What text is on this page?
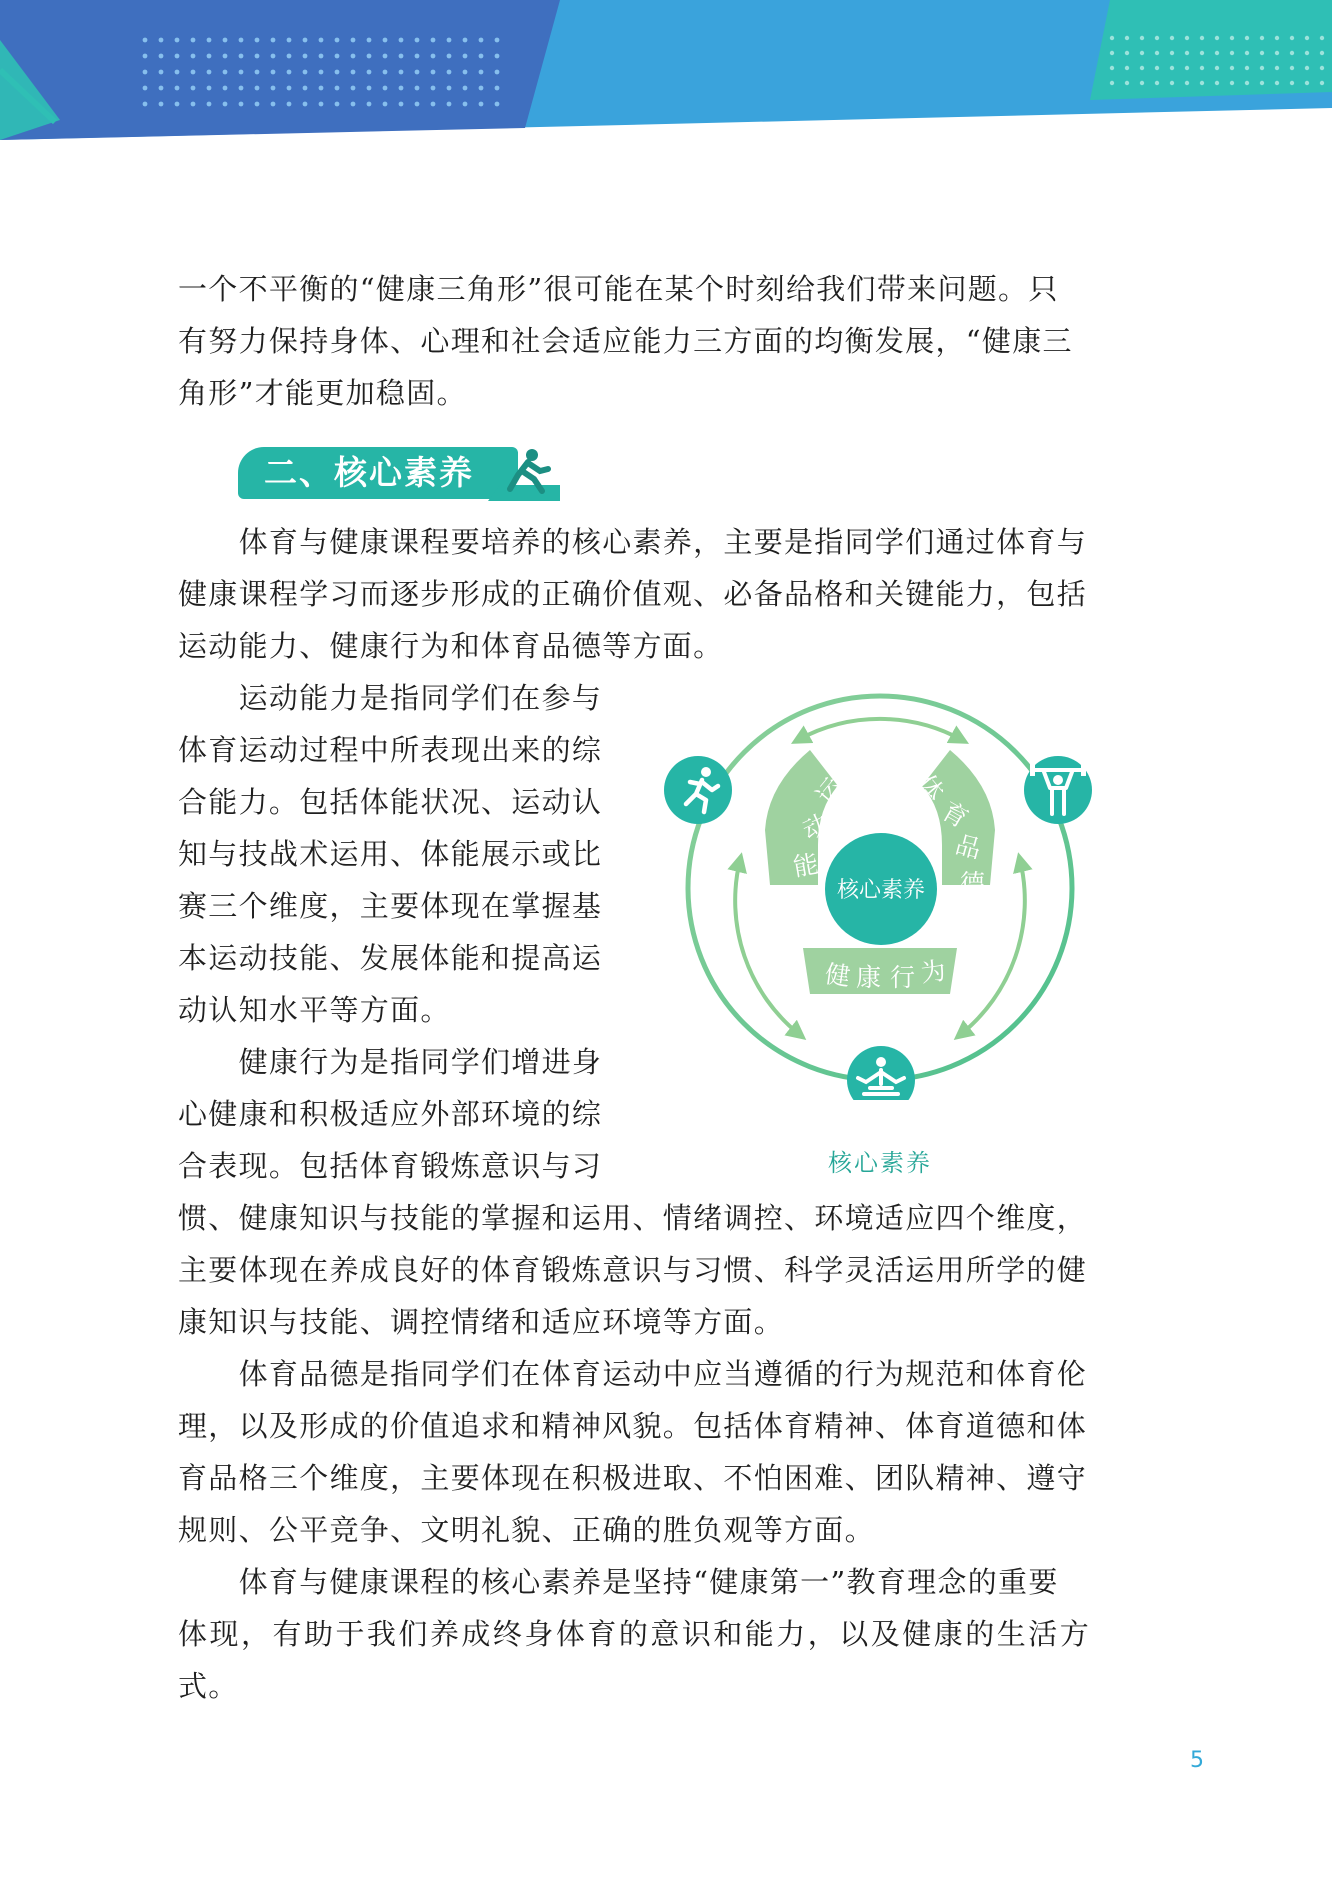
一个不平衡的“健康三角形”很可能在某个时刻给我们带来问题。只

有努力保持身体、心理和社会适应能力三方面的均衡发展，“健康三

角形”才能更加稳固。

二、核心素养

　　体育与健康课程要培养的核心素养，主要是指同学们通过体育与

健康课程学习而逐步形成的正确价值观、必备品格和关键能力，包括

运动能力、健康行为和体育品德等方面。

　　运动能力是指同学们在参与

体育运动过程中所表现出来的综

合能力。包括体能状况、运动认

知与技战术运用、体能展示或比

赛三个维度，主要体现在掌握基

本运动技能、发展体能和提高运

动认知水平等方面。

　　健康行为是指同学们增进身

心健康和积极适应外部环境的综

合表现。包括体育锻炼意识与习

惯、健康知识与技能的掌握和运用、情绪调控、环境适应四个维度，

主要体现在养成良好的体育锻炼意识与习惯、科学灵活运用所学的健

康知识与技能、调控情绪和适应环境等方面。

　　体育品德是指同学们在体育运动中应当遵循的行为规范和体育伦

理，以及形成的价值追求和精神风貌。包括体育精神、体育道德和体

育品格三个维度，主要体现在积极进取、不怕困难、团队精神、遵守

规则、公平竞争、文明礼貌、正确的胜负观等方面。

　　体育与健康课程的核心素养是坚持“健康第一”教育理念的重要

体现，有助于我们养成终身体育的意识和能力，以及健康的生活方式。

核心素养
运
动
能
力
体
育
品
德
健 康 行 为
核心素养
5
